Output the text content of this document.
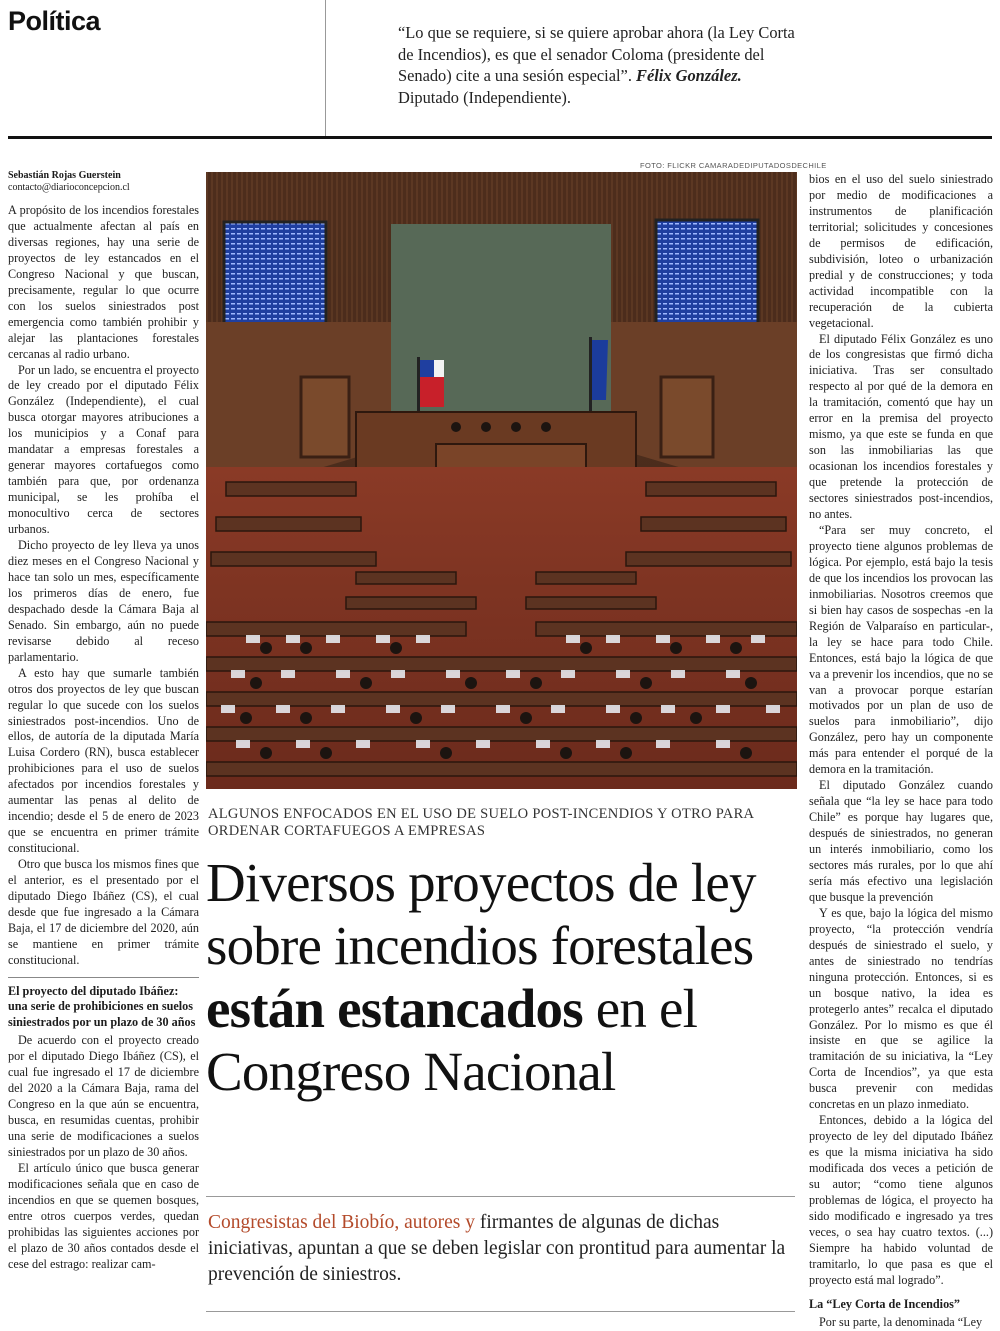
Política	“Lo que se requiere, si se quiere aprobar ahora (la Ley Corta de Incendios), es que el senador Coloma (presidente del Senado) cite a una sesión especial”. Félix González. Diputado (Independiente).
Sebastián Rojas Guerstein
contacto@diarioconcepcion.cl

A propósito de los incendios forestales que actualmente afectan al país en diversas regiones, hay una serie de proyectos de ley estancados en el Congreso Nacional y que buscan, precisamente, regular lo que ocurre con los suelos siniestrados post emergencia como también prohibir y alejar las plantaciones forestales cercanas al radio urbano.

Por un lado, se encuentra el proyecto de ley creado por el diputado Félix González (Independiente), el cual busca otorgar mayores atribuciones a los municipios y a Conaf para mandatar a empresas forestales a generar mayores cortafuegos como también para que, por ordenanza municipal, se les prohíba el monocultivo cerca de sectores urbanos.

Dicho proyecto de ley lleva ya unos diez meses en el Congreso Nacional y hace tan solo un mes, específicamente los primeros días de enero, fue despachado desde la Cámara Baja al Senado. Sin embargo, aún no puede revisarse debido al receso parlamentario.

A esto hay que sumarle también otros dos proyectos de ley que buscan regular lo que sucede con los suelos siniestrados post-incendios. Uno de ellos, de autoría de la diputada María Luisa Cordero (RN), busca establecer prohibiciones para el uso de suelos afectados por incendios forestales y aumentar las penas al delito de incendio; desde el 5 de enero de 2023 que se encuentra en primer trámite constitucional.

Otro que busca los mismos fines que el anterior, es el presentado por el diputado Diego Ibáñez (CS), el cual desde que fue ingresado a la Cámara Baja, el 17 de diciembre del 2020, aún se mantiene en primer trámite constitucional.

El proyecto del diputado Ibáñez: una serie de prohibiciones en suelos siniestrados por un plazo de 30 años

De acuerdo con el proyecto creado por el diputado Diego Ibáñez (CS), el cual fue ingresado el 17 de diciembre del 2020 a la Cámara Baja, rama del Congreso en la que aún se encuentra, busca, en resumidas cuentas, prohibir una serie de modificaciones a suelos siniestrados por un plazo de 30 años.

El artículo único que busca generar modificaciones señala que en caso de incendios en que se quemen bosques, entre otros cuerpos verdes, quedan prohibidas las siguientes acciones por el plazo de 30 años contados desde el cese del estrago: realizar cam-

FOTO: FLICKR CAMARADEDIPUTADOSDECHILE
ALGUNOS ENFOCADOS EN EL USO DE SUELO POST-INCENDIOS Y OTRO PARA ORDENAR CORTAFUEGOS A EMPRESAS
Diversos proyectos de ley sobre incendios forestales están estancados en el Congreso Nacional
Congresistas del Biobío, autores y firmantes de algunas de dichas iniciativas, apuntan a que se deben legislar con prontitud para aumentar la prevención de siniestros.

bios en el uso del suelo siniestrado por medio de modificaciones a instrumentos de planificación territorial; solicitudes y concesiones de permisos de edificación, subdivisión, loteo o urbanización predial y de construcciones; y toda actividad incompatible con la recuperación de la cubierta vegetacional.

El diputado Félix González es uno de los congresistas que firmó dicha iniciativa. Tras ser consultado respecto al por qué de la demora en la tramitación, comentó que hay un error en la premisa del proyecto mismo, ya que este se funda en que son las inmobiliarias las que ocasionan los incendios forestales y que pretende la protección de sectores siniestrados post-incendios, no antes.

“Para ser muy concreto, el proyecto tiene algunos problemas de lógica. Por ejemplo, está bajo la tesis de que los incendios los provocan las inmobiliarias. Nosotros creemos que si bien hay casos de sospechas -en la Región de Valparaíso en particular-, la ley se hace para todo Chile. Entonces, está bajo la lógica de que va a prevenir los incendios, que no se van a provocar porque estarían motivados por un plan de uso de suelos para inmobiliario”, dijo González, pero hay un componente más para entender el porqué de la demora en la tramitación.

El diputado González cuando señala que “la ley se hace para todo Chile” es porque hay lugares que, después de siniestrados, no generan un interés inmobiliario, como los sectores más rurales, por lo que ahí sería más efectivo una legislación que busque la prevención

Y es que, bajo la lógica del mismo proyecto, “la protección vendría después de siniestrado el suelo, y antes de siniestrado no tendrías ninguna protección. Entonces, si es un bosque nativo, la idea es protegerlo antes” recalca el diputado González. Por lo mismo es que él insiste en que se agilice la tramitación de su iniciativa, la “Ley Corta de Incendios”, ya que esta busca prevenir con medidas concretas en un plazo inmediato.

Entonces, debido a la lógica del proyecto de ley del diputado Ibáñez es que la misma iniciativa ha sido modificada dos veces a petición de su autor; “como tiene algunos problemas de lógica, el proyecto ha sido modificado e ingresado ya tres veces, o sea hay cuatro textos. (...) Siempre ha habido voluntad de tramitarlo, lo que pasa es que el proyecto está mal logrado”.

La “Ley Corta de Incendios”

Por su parte, la denominada “Ley
